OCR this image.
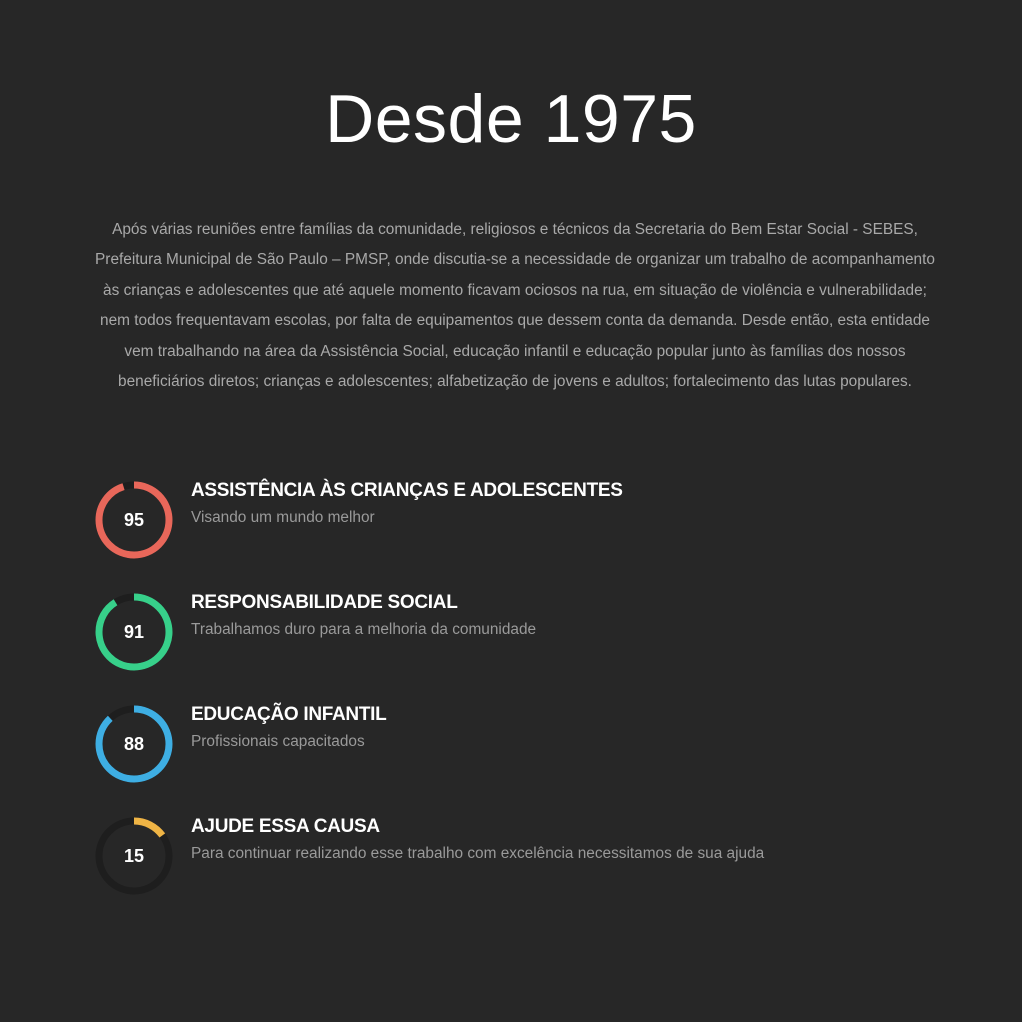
Desde 1975

Após várias reuniões entre famílias da comunidade, religiosos e técnicos da Secretaria do Bem Estar Social - SEBES, Prefeitura Municipal de São Paulo – PMSP, onde discutia-se a necessidade de organizar um trabalho de acompanhamento às crianças e adolescentes que até aquele momento ficavam ociosos na rua, em situação de violência e vulnerabilidade; nem todos frequentavam escolas, por falta de equipamentos que dessem conta da demanda. Desde então, esta entidade vem trabalhando na área da Assistência Social, educação infantil e educação popular junto às famílias dos nossos beneficiários diretos; crianças e adolescentes; alfabetização de jovens e adultos; fortalecimento das lutas populares.

95
ASSISTÊNCIA ÀS CRIANÇAS E ADOLESCENTES
Visando um mundo melhor
91
RESPONSABILIDADE SOCIAL
Trabalhamos duro para a melhoria da comunidade
88
EDUCAÇÃO INFANTIL
Profissionais capacitados
15
AJUDE ESSA CAUSA
Para continuar realizando esse trabalho com excelência necessitamos de sua ajuda
